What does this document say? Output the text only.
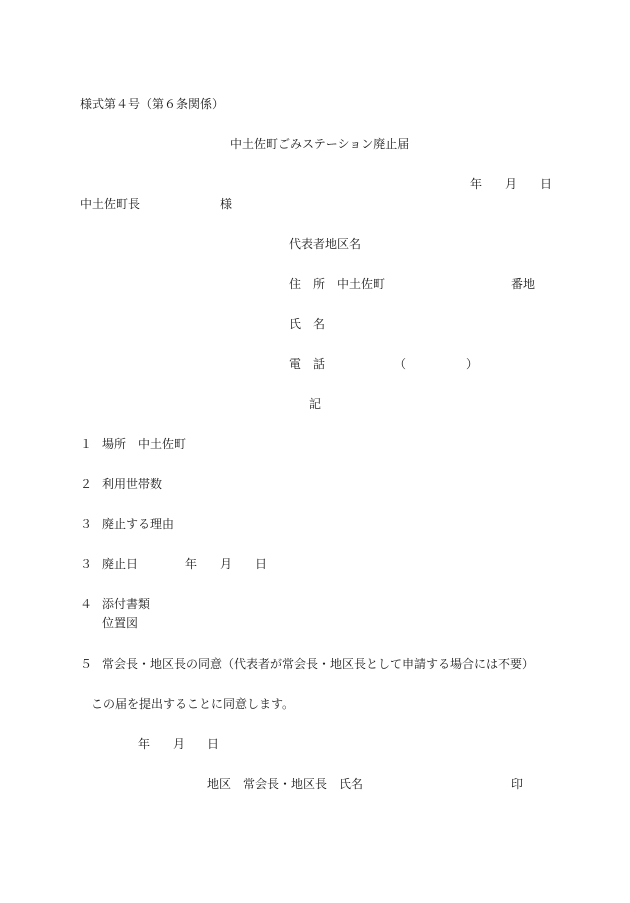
様式第４号（第６条関係）
中土佐町ごみステーション廃止届
年 月 日
中土佐町長	様
代表者地区名
住　所 中土佐町	番地
氏　名
電　話	（　　　　　）
記
１ 場所　中土佐町
２ 利用世帯数
３ 廃止する理由
３ 廃止日	年 月 日
４ 添付書類
位置図
５ 常会長・地区長の同意（代表者が常会長・地区長として申請する場合には不要）
この届を提出することに同意します。
年 月 日
地区　常会長・地区長　氏名	印
